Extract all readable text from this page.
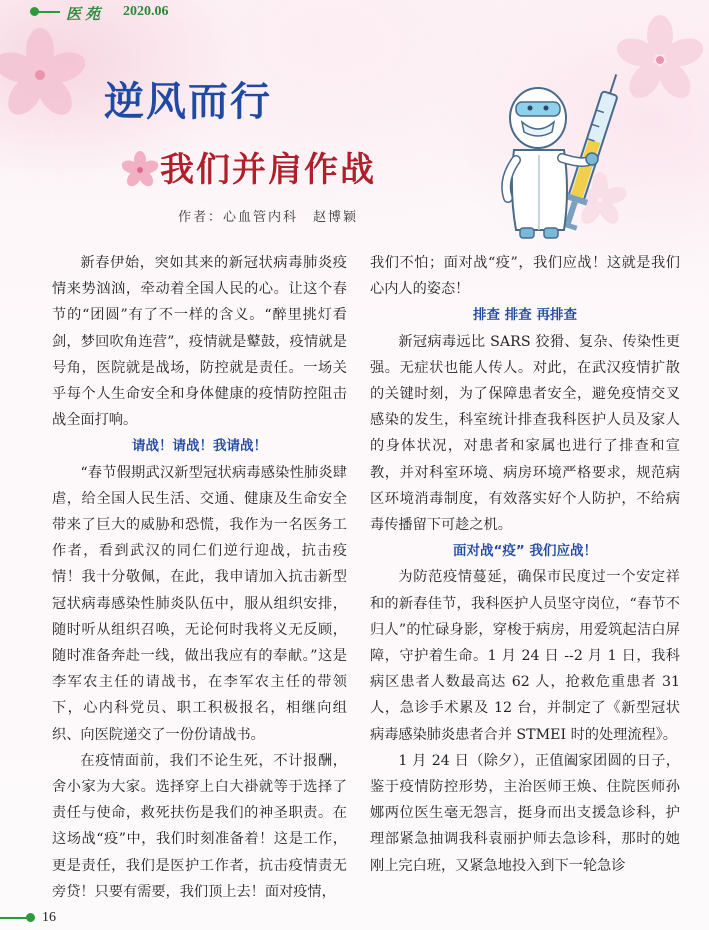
医苑 2020.06
逆风而行
我们并肩作战
作者：心血管内科　赵博颖

新春伊始，突如其来的新冠状病毒肺炎疫情来势汹汹，牵动着全国人民的心。让这个春节的“团圆”有了不一样的含义。“醉里挑灯看剑，梦回吹角连营”，疫情就是鼙鼓，疫情就是号角，医院就是战场，防控就是责任。一场关乎每个人生命安全和身体健康的疫情防控阻击战全面打响。

请战！请战！我请战！

“春节假期武汉新型冠状病毒感染性肺炎肆虐，给全国人民生活、交通、健康及生命安全带来了巨大的威胁和恐慌，我作为一名医务工作者，看到武汉的同仁们逆行迎战，抗击疫情！我十分敬佩，在此，我申请加入抗击新型冠状病毒感染性肺炎队伍中，服从组织安排，随时听从组织召唤，无论何时我将义无反顾，随时准备奔赴一线，做出我应有的奉献。”这是李军农主任的请战书，在李军农主任的带领下，心内科党员、职工积极报名，相继向组织、向医院递交了一份份请战书。

在疫情面前，我们不论生死，不计报酬，舍小家为大家。选择穿上白大褂就等于选择了责任与使命，救死扶伤是我们的神圣职责。在这场战“疫”中，我们时刻准备着！这是工作，更是责任，我们是医护工作者，抗击疫情责无旁贷！只要有需要，我们顶上去！面对疫情，

我们不怕；面对战“疫”，我们应战！这就是我们心内人的姿态！

排查 排查 再排查

新冠病毒远比 SARS 狡猾、复杂、传染性更强。无症状也能人传人。对此，在武汉疫情扩散的关键时刻，为了保障患者安全，避免疫情交叉感染的发生，科室统计排查我科医护人员及家人的身体状况，对患者和家属也进行了排查和宣教，并对科室环境、病房环境严格要求，规范病区环境消毒制度，有效落实好个人防护，不给病毒传播留下可趁之机。

面对战“疫” 我们应战！

为防范疫情蔓延，确保市民度过一个安定祥和的新春佳节，我科医护人员坚守岗位，“春节不归人”的忙碌身影，穿梭于病房，用爱筑起洁白屏障，守护着生命。1 月 24 日 --2 月 1 日，我科病区患者人数最高达 62 人，抢救危重患者 31 人，急诊手术累及 12 台，并制定了《新型冠状病毒感染肺炎患者合并 STMEI 时的处理流程》。

1 月 24 日（除夕），正值阖家团圆的日子，鉴于疫情防控形势，主治医师王焕、住院医师孙娜两位医生毫无怨言，挺身而出支援急诊科，护理部紧急抽调我科袁丽护师去急诊科，那时的她刚上完白班，又紧急地投入到下一轮急诊

16
